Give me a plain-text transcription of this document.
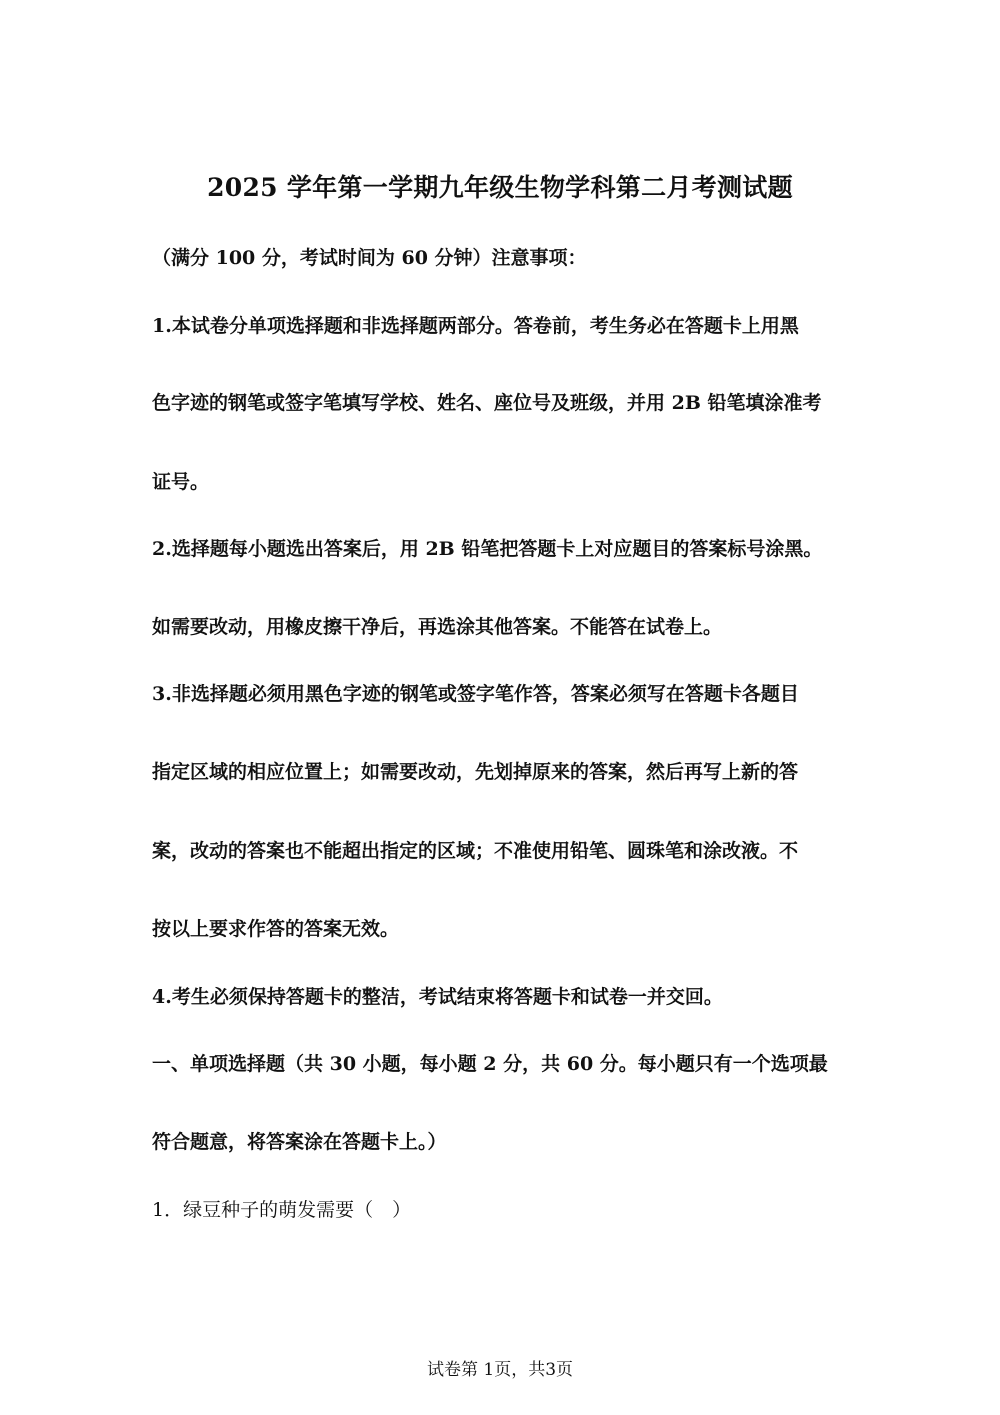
2025 学年第一学期九年级生物学科第二月考测试题
（满分 100 分，考试时间为 60 分钟）注意事项：
1.本试卷分单项选择题和非选择题两部分。答卷前，考生务必在答题卡上用黑
色字迹的钢笔或签字笔填写学校、姓名、座位号及班级，并用 2B 铅笔填涂准考
证号。
2.选择题每小题选出答案后，用 2B 铅笔把答题卡上对应题目的答案标号涂黑。
如需要改动，用橡皮擦干净后，再选涂其他答案。不能答在试卷上。
3.非选择题必须用黑色字迹的钢笔或签字笔作答，答案必须写在答题卡各题目
指定区域的相应位置上；如需要改动，先划掉原来的答案，然后再写上新的答
案，改动的答案也不能超出指定的区域；不准使用铅笔、圆珠笔和涂改液。不
按以上要求作答的答案无效。
4.考生必须保持答题卡的整洁，考试结束将答题卡和试卷一并交回。
一、单项选择题（共 30 小题，每小题 2 分，共 60 分。每小题只有一个选项最
符合题意，将答案涂在答题卡上。）
1．绿豆种子的萌发需要（　）
试卷第 1页，共3页
